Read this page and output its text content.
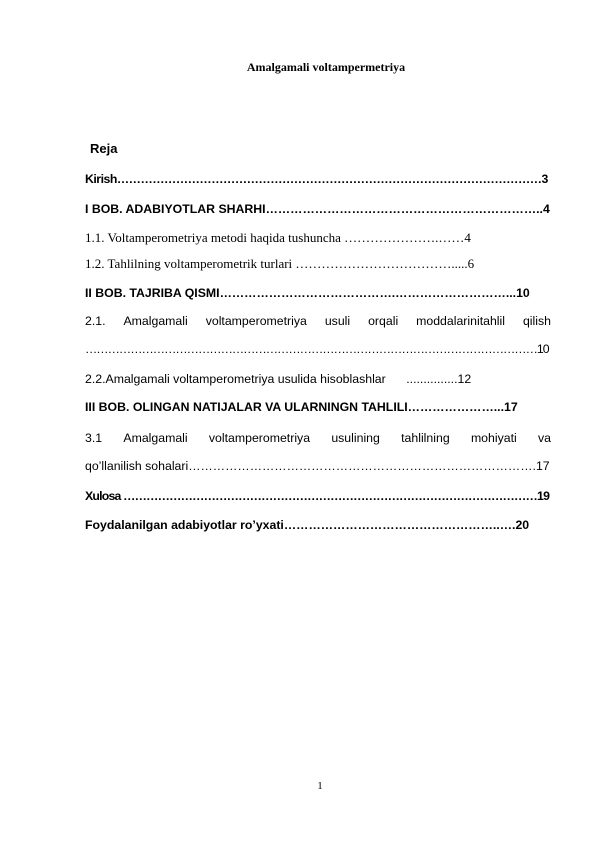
Amalgamali voltampermetriya
Reja
Kirish………………………………………………………………………………………………3
I BOB. ADABIYOTLAR SHARHI…………………………………………………………..4
1.1. Voltamperometriya metodi haqida tushuncha ………………….……4
1.2. Tahlilning voltamperometrik turlari ……………………………….....6
II BOB. TAJRIBA QISMI…………………………………….………………………...10
2.1. Amalgamali voltamperometriya usuli orqali moddalarinitahlil qilish
…………………………………………………………………………………………………………10
2.2.Amalgamali voltamperometriya usulida hisoblashlar      ...............12
III BOB. OLINGAN NATIJALAR VA ULARNINGN TAHLILI…………………...17
3.1 Amalgamali voltamperometriya usulining tahlilning mohiyati va
qo’llanilish sohalari………………………………………………………………………….17
Xulosa ………………………………………………………………………………………………19
Foydalanilgan adabiyotlar ro’yxati……………………………………………..….20
1
